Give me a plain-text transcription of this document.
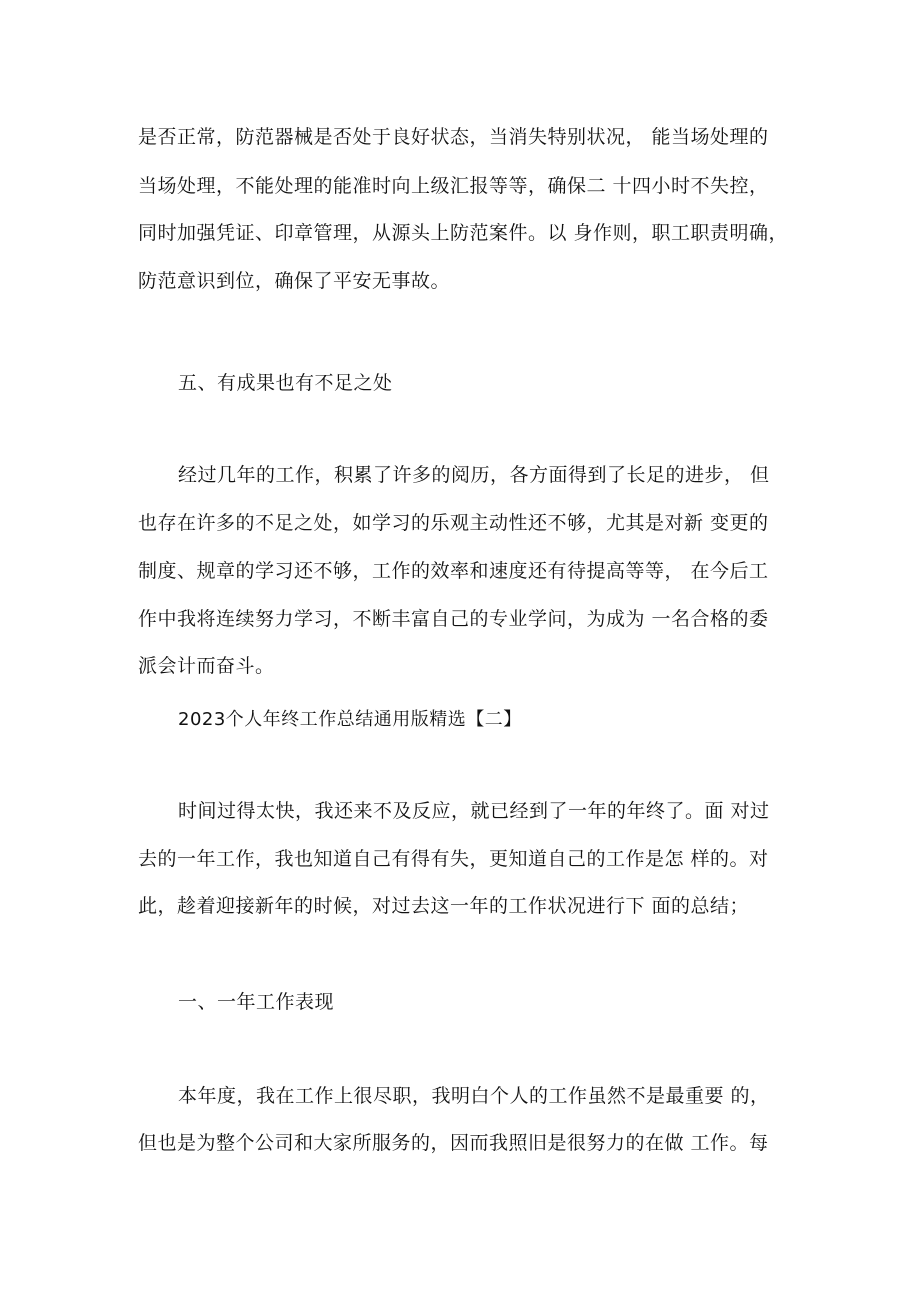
是否正常，防范器械是否处于良好状态，当消失特别状况， 能当场处理的
当场处理，不能处理的能准时向上级汇报等等，确保二 十四小时不失控，
同时加强凭证、印章管理，从源头上防范案件。以 身作则，职工职责明确，
防范意识到位，确保了平安无事故。
五、有成果也有不足之处
经过几年的工作，积累了许多的阅历，各方面得到了长足的进步， 但
也存在许多的不足之处，如学习的乐观主动性还不够，尤其是对新 变更的
制度、规章的学习还不够，工作的效率和速度还有待提高等等， 在今后工
作中我将连续努力学习，不断丰富自己的专业学问，为成为 一名合格的委
派会计而奋斗。
2023个人年终工作总结通用版精选【二】
时间过得太快，我还来不及反应，就已经到了一年的年终了。面 对过
去的一年工作，我也知道自己有得有失，更知道自己的工作是怎 样的。对
此，趁着迎接新年的时候，对过去这一年的工作状况进行下 面的总结；
一、一年工作表现
本年度，我在工作上很尽职，我明白个人的工作虽然不是最重要 的，
但也是为整个公司和大家所服务的，因而我照旧是很努力的在做 工作。每
